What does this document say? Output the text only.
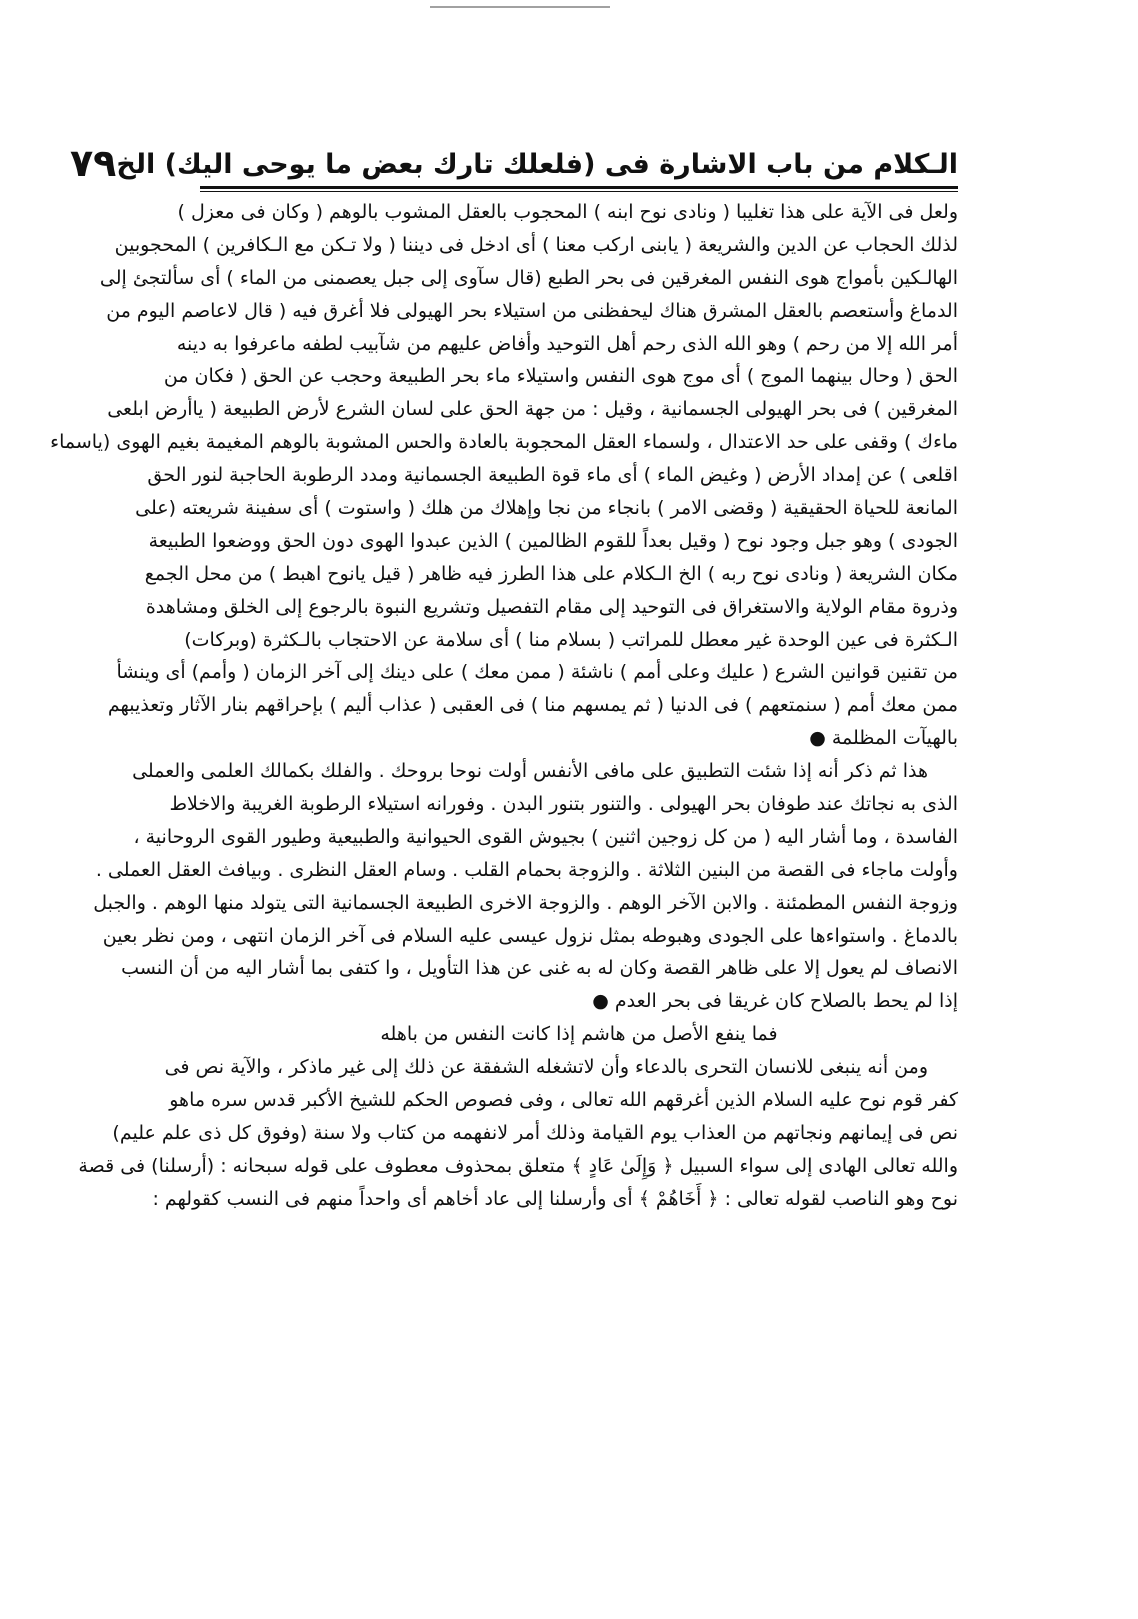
الـكلام من باب الاشارة فى (فلعلك تارك بعض ما يوحى اليك) الخ
٧٩
ولعل فى الآية على هذا تغليبا ( ونادى نوح ابنه ) المحجوب بالعقل المشوب بالوهم ( وكان فى معزل )
لذلك الحجاب عن الدين والشريعة ( يابنى اركب معنا ) أى ادخل فى ديننا ( ولا تـكن مع الـكافرين ) المحجوبين
الهالـكين بأمواج هوى النفس المغرقين فى بحر الطبع (قال سآوى إلى جبل يعصمنى من الماء ) أى سألتجئ إلى
الدماغ وأستعصم بالعقل المشرق هناك ليحفظنى من استيلاء بحر الهيولى فلا أغرق فيه ( قال لاعاصم اليوم من
أمر الله إلا من رحم ) وهو الله الذى رحم أهل التوحيد وأفاض عليهم من شآبيب لطفه ماعرفوا به دينه
الحق ( وحال بينهما الموج ) أى موج هوى النفس واستيلاء ماء بحر الطبيعة وحجب عن الحق ( فكان من
المغرقين ) فى بحر الهيولى الجسمانية ، وقيل : من جهة الحق على لسان الشرع لأرض الطبيعة ( ياأرض ابلعى
ماءك ) وقفى على حد الاعتدال ، ولسماء العقل المحجوبة بالعادة والحس المشوبة بالوهم المغيمة بغيم الهوى (ياسماء
اقلعى ) عن إمداد الأرض ( وغيض الماء ) أى ماء قوة الطبيعة الجسمانية ومدد الرطوبة الحاجبة لنور الحق
المانعة للحياة الحقيقية ( وقضى الامر ) بانجاء من نجا وإهلاك من هلك ( واستوت ) أى سفينة شريعته (على
الجودى ) وهو جبل وجود نوح ( وقيل بعداً للقوم الظالمين ) الذين عبدوا الهوى دون الحق ووضعوا الطبيعة
مكان الشريعة ( ونادى نوح ربه ) الخ الـكلام على هذا الطرز فيه ظاهر ( قيل يانوح اهبط ) من محل الجمع
وذروة مقام الولاية والاستغراق فى التوحيد إلى مقام التفصيل وتشريع النبوة بالرجوع إلى الخلق ومشاهدة
الـكثرة فى عين الوحدة غير معطل للمراتب ( بسلام منا ) أى سلامة عن الاحتجاب بالـكثرة (وبركات)
من تقنين قوانين الشرع ( عليك وعلى أمم ) ناشئة ( ممن معك ) على دينك إلى آخر الزمان ( وأمم) أى وينشأ
ممن معك أمم ( سنمتعهم ) فى الدنيا ( ثم يمسهم منا ) فى العقبى ( عذاب أليم ) بإحراقهم بنار الآثار وتعذيبهم
بالهيآت المظلمة ●
هذا ثم ذكر أنه إذا شئت التطبيق على مافى الأنفس أولت نوحا بروحك . والفلك بكمالك العلمى والعملى
الذى به نجاتك عند طوفان بحر الهيولى . والتنور بتنور البدن . وفورانه استيلاء الرطوبة الغريبة والاخلاط
الفاسدة ، وما أشار اليه ( من كل زوجين اثنين ) بجيوش القوى الحيوانية والطبيعية وطيور القوى الروحانية ،
وأولت ماجاء فى القصة من البنين الثلاثة . والزوجة بحمام القلب . وسام العقل النظرى . وبيافث العقل العملى .
وزوجة النفس المطمئنة . والابن الآخر الوهم . والزوجة الاخرى الطبيعة الجسمانية التى يتولد منها الوهم . والجبل
بالدماغ . واستواءها على الجودى وهبوطه بمثل نزول عيسى عليه السلام فى آخر الزمان انتهى ، ومن نظر بعين
الانصاف لم يعول إلا على ظاهر القصة وكان له به غنى عن هذا التأويل ، وا كتفى بما أشار اليه من أن النسب
إذا لم يحط بالصلاح كان غريقا فى بحر العدم ●
فما ينفع الأصل من هاشم إذا كانت النفس من باهله
ومن أنه ينبغى للانسان التحرى بالدعاء وأن لاتشغله الشفقة عن ذلك إلى غير ماذكر ، والآية نص فى
كفر قوم نوح عليه السلام الذين أغرقهم الله تعالى ، وفى فصوص الحكم للشيخ الأكبر قدس سره ماهو
نص فى إيمانهم ونجاتهم من العذاب يوم القيامة وذلك أمر لانفهمه من كتاب ولا سنة (وفوق كل ذى علم عليم)
والله تعالى الهادى إلى سواء السبيل ﴿ وَإِلَىٰ عَادٍ ﴾ متعلق بمحذوف معطوف على قوله سبحانه : (أرسلنا) فى قصة
نوح وهو الناصب لقوله تعالى : ﴿ أَخَاهُمْ ﴾ أى وأرسلنا إلى عاد أخاهم أى واحداً منهم فى النسب كقولهم :
